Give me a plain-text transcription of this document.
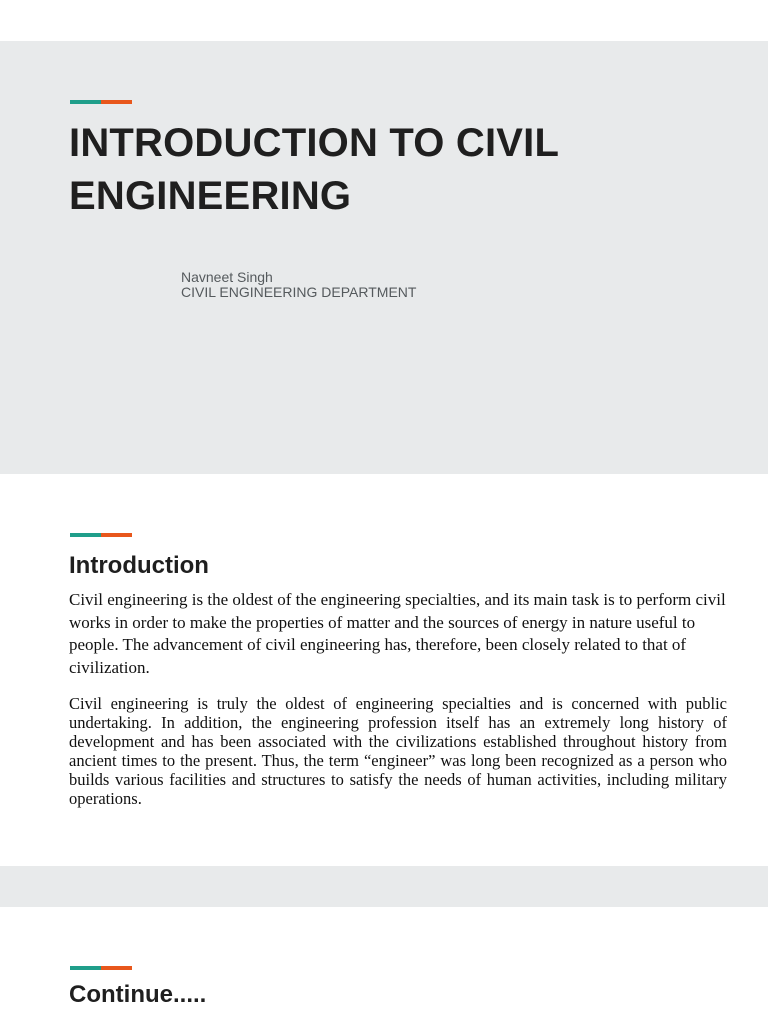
INTRODUCTION TO CIVIL ENGINEERING
Navneet Singh
CIVIL ENGINEERING DEPARTMENT
Introduction
Civil engineering is the oldest of the engineering specialties, and its main task is to perform civil works in order to make the properties of matter and the sources of energy in nature useful to people. The advancement of civil engineering has, therefore, been closely related to that of civilization.
Civil engineering is truly the oldest of engineering specialties and is concerned with public undertaking. In addition, the engineering profession itself has an extremely long history of development and has been associated with the civilizations established throughout history from ancient times to the present. Thus, the term “engineer” was long been recognized as a person who builds various facilities and structures to satisfy the needs of human activities, including military operations.
Continue.....
